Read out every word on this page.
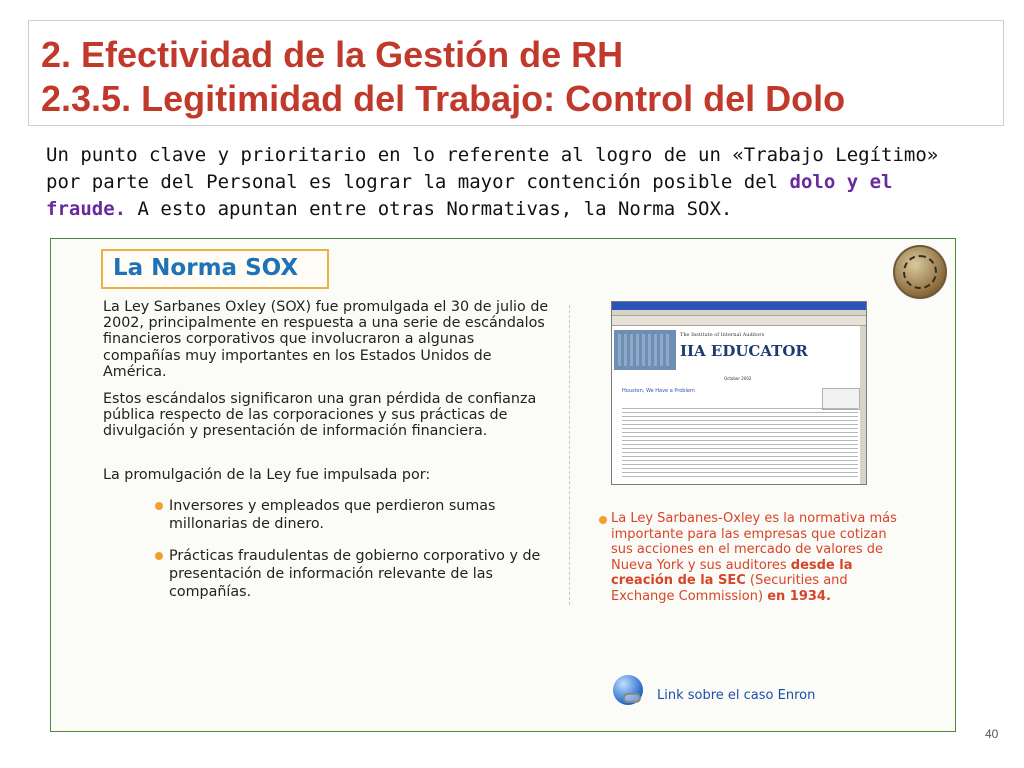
2. Efectividad de la Gestión de RH
2.3.5. Legitimidad del Trabajo: Control del Dolo
Un punto clave y prioritario en lo referente al logro de un «Trabajo Legítimo» por parte del Personal es lograr la mayor contención posible del dolo y el fraude. A esto apuntan entre otras Normativas, la Norma SOX.
La Norma SOX
La Ley Sarbanes Oxley (SOX) fue promulgada el 30 de julio de 2002, principalmente en respuesta a una serie de escándalos financieros corporativos que involucraron a algunas compañías muy importantes en los Estados Unidos de América.
Estos escándalos significaron una gran pérdida de confianza pública respecto de las corporaciones y sus prácticas de divulgación y presentación de información financiera.
La promulgación de la Ley fue impulsada por:
Inversores y empleados que perdieron sumas millonarias de dinero.
Prácticas fraudulentas de gobierno corporativo y de presentación de información relevante de las compañías.
The Institute of Internal Auditors
IIA EDUCATOR
October 2002
Houston, We Have a Problem
La Ley Sarbanes-Oxley es la normativa más importante para las empresas que cotizan sus acciones en el mercado de valores de Nueva York y sus auditores desde la creación de la SEC (Securities and Exchange Commission) en 1934.
Link sobre el caso Enron
40
